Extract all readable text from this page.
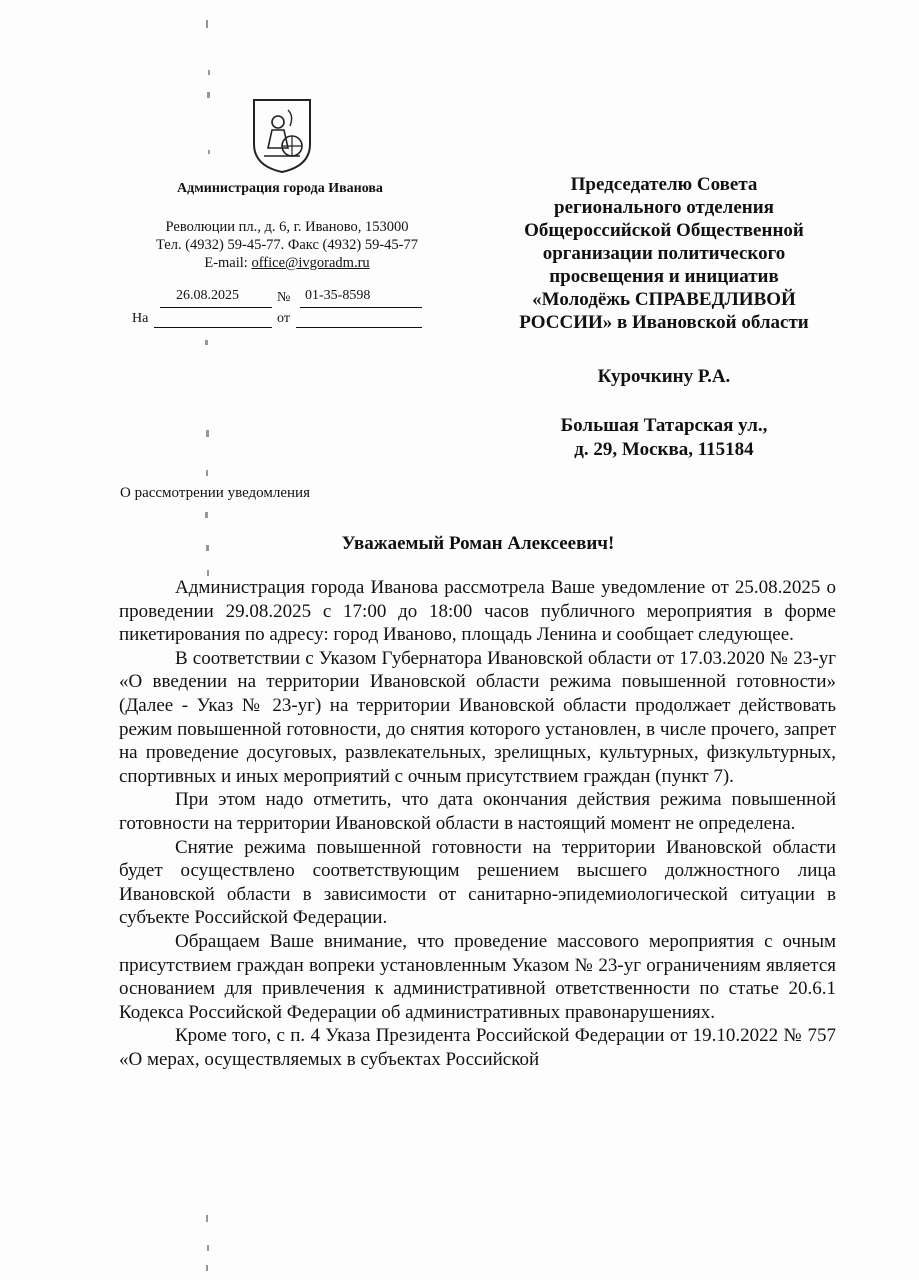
Администрация города Иванова
Революции пл., д. 6, г. Иваново, 153000
Тел. (4932) 59-45-77. Факс (4932) 59-45-77
E-mail: office@ivgoradm.ru
26.08.2025	№ 01-35-8598
На	от
Председателю Совета
регионального отделения
Общероссийской Общественной
организации политического
просвещения и инициатив
«Молодёжь СПРАВЕДЛИВОЙ
РОССИИ» в Ивановской области
Курочкину Р.А.
Большая Татарская ул.,
д. 29, Москва, 115184
О рассмотрении уведомления
Уважаемый Роман Алексеевич!

Администрация города Иванова рассмотрела Ваше уведомление от 25.08.2025 о проведении 29.08.2025 с 17:00 до 18:00 часов публичного мероприятия в форме пикетирования по адресу: город Иваново, площадь Ленина и сообщает следующее.

В соответствии с Указом Губернатора Ивановской области от 17.03.2020 № 23-уг «О введении на территории Ивановской области режима повышенной готовности» (Далее - Указ № 23-уг) на территории Ивановской области продолжает действовать режим повышенной готовности, до снятия которого установлен, в числе прочего, запрет на проведение досуговых, развлекательных, зрелищных, культурных, физкультурных, спортивных и иных мероприятий с очным присутствием граждан (пункт 7).

При этом надо отметить, что дата окончания действия режима повышенной готовности на территории Ивановской области в настоящий момент не определена.

Снятие режима повышенной готовности на территории Ивановской области будет осуществлено соответствующим решением высшего должностного лица Ивановской области в зависимости от санитарно-эпидемиологической ситуации в субъекте Российской Федерации.

Обращаем Ваше внимание, что проведение массового мероприятия с очным присутствием граждан вопреки установленным Указом № 23-уг ограничениям является основанием для привлечения к административной ответственности по статье 20.6.1 Кодекса Российской Федерации об административных правонарушениях.

Кроме того, с п. 4 Указа Президента Российской Федерации от 19.10.2022 № 757 «О мерах, осуществляемых в субъектах Российской
